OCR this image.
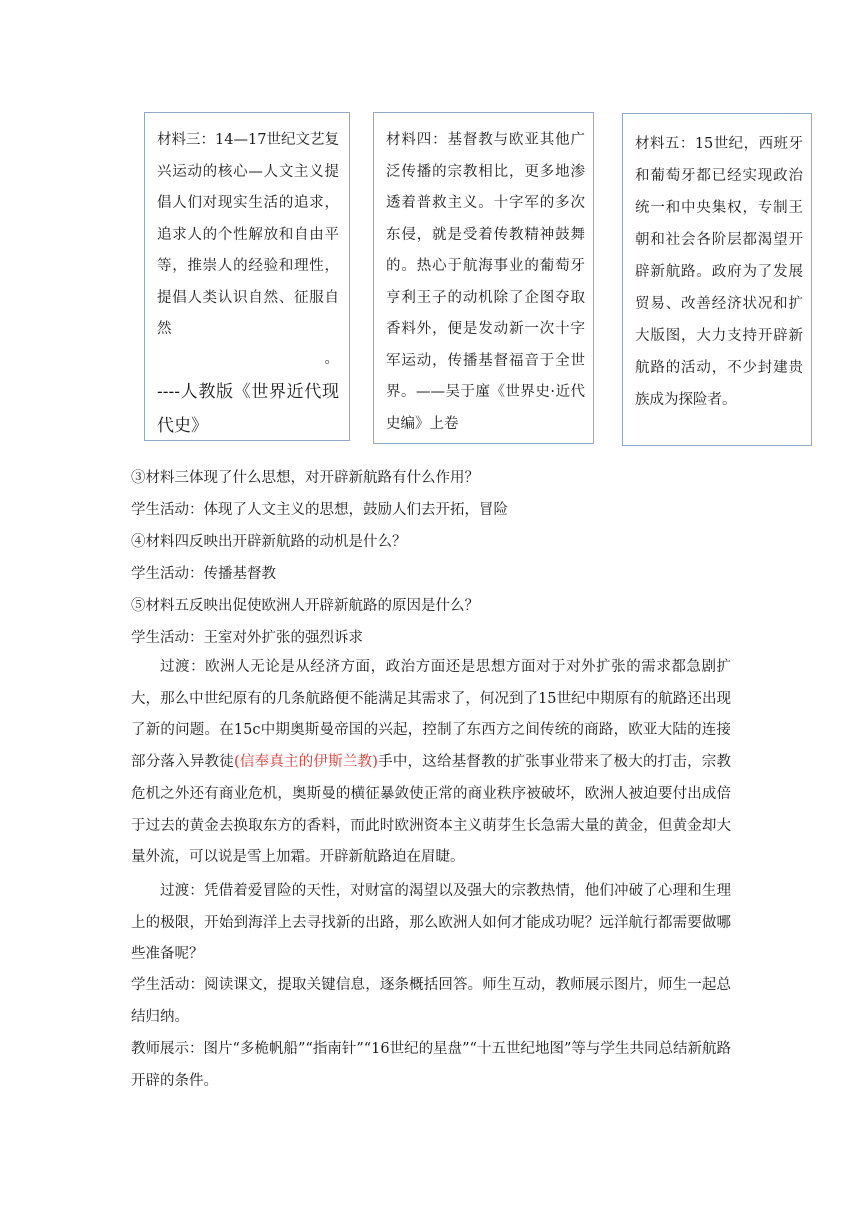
材料三：14—17世纪文艺复兴运动的核心—人文主义提倡人们对现实生活的追求，追求人的个性解放和自由平等，推崇人的经验和理性，提倡人类认识自然、征服自然
。
----人教版《世界近代现代史》
材料四：基督教与欧亚其他广泛传播的宗教相比，更多地渗透着普救主义。十字军的多次东侵，就是受着传教精神鼓舞的。热心于航海事业的葡萄牙亨利王子的动机除了企图夺取香料外，便是发动新一次十字军运动，传播基督福音于全世界。——吴于廑《世界史·近代史编》上卷
材料五：15世纪，西班牙和葡萄牙都已经实现政治统一和中央集权，专制王朝和社会各阶层都渴望开辟新航路。政府为了发展贸易、改善经济状况和扩大版图，大力支持开辟新航路的活动，不少封建贵族成为探险者。
③材料三体现了什么思想，对开辟新航路有什么作用？
学生活动：体现了人文主义的思想，鼓励人们去开拓，冒险
④材料四反映出开辟新航路的动机是什么？
学生活动：传播基督教
⑤材料五反映出促使欧洲人开辟新航路的原因是什么？
学生活动：王室对外扩张的强烈诉求

过渡：欧洲人无论是从经济方面，政治方面还是思想方面对于对外扩张的需求都急剧扩大，那么中世纪原有的几条航路便不能满足其需求了，何况到了15世纪中期原有的航路还出现了新的问题。在15c中期奥斯曼帝国的兴起，控制了东西方之间传统的商路，欧亚大陆的连接部分落入异教徒(信奉真主的伊斯兰教)手中，这给基督教的扩张事业带来了极大的打击，宗教危机之外还有商业危机，奥斯曼的横征暴敛使正常的商业秩序被破坏，欧洲人被迫要付出成倍于过去的黄金去换取东方的香料，而此时欧洲资本主义萌芽生长急需大量的黄金，但黄金却大量外流，可以说是雪上加霜。开辟新航路迫在眉睫。

过渡：凭借着爱冒险的天性，对财富的渴望以及强大的宗教热情，他们冲破了心理和生理上的极限，开始到海洋上去寻找新的出路，那么欧洲人如何才能成功呢？远洋航行都需要做哪些准备呢？

学生活动：阅读课文，提取关键信息，逐条概括回答。师生互动，教师展示图片，师生一起总结归纳。

教师展示：图片“多桅帆船”“指南针”“16世纪的星盘”“十五世纪地图”等与学生共同总结新航路开辟的条件。
